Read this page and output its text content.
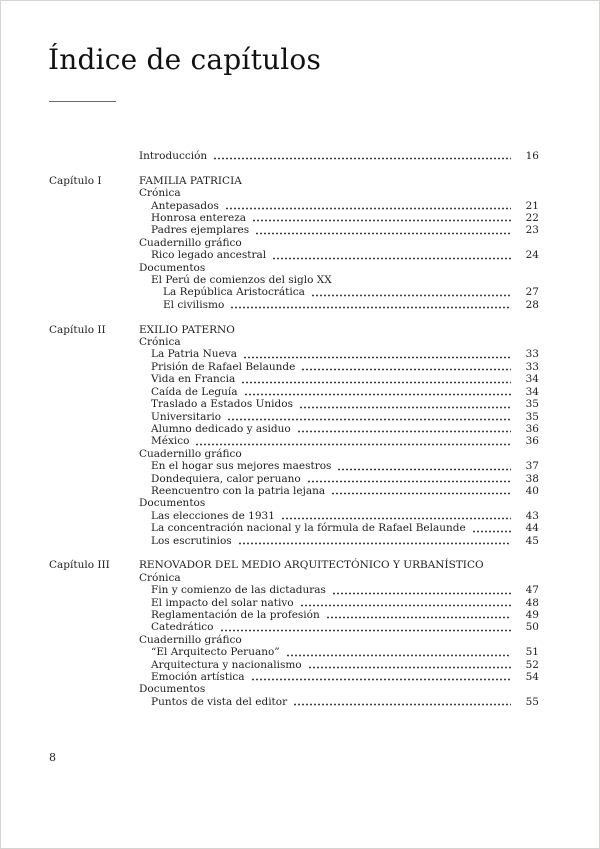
Índice de capítulos
Introducción	16
Capítulo I	FAMILIA PATRICIA
Crónica
Antepasados	21
Honrosa entereza	22
Padres ejemplares	23
Cuadernillo gráfico
Rico legado ancestral	24
Documentos
El Perú de comienzos del siglo XX
La República Aristocrática	27
El civilismo	28
Capítulo II	EXILIO PATERNO
Crónica
La Patria Nueva	33
Prisión de Rafael Belaunde	33
Vida en Francia	34
Caída de Leguía	34
Traslado a Estados Unidos	35
Universitario	35
Alumno dedicado y asiduo	36
México	36
Cuadernillo gráfico
En el hogar sus mejores maestros	37
Dondequiera, calor peruano	38
Reencuentro con la patria lejana	40
Documentos
Las elecciones de 1931	43
La concentración nacional y la fórmula de Rafael Belaunde	44
Los escrutinios	45
Capítulo III	RENOVADOR DEL MEDIO ARQUITECTÓNICO Y URBANÍSTICO
Crónica
Fin y comienzo de las dictaduras	47
El impacto del solar nativo	48
Reglamentación de la profesión	49
Catedrático	50
Cuadernillo gráfico
“El Arquitecto Peruano”	51
Arquitectura y nacionalismo	52
Emoción artística	54
Documentos
Puntos de vista del editor	55
8
